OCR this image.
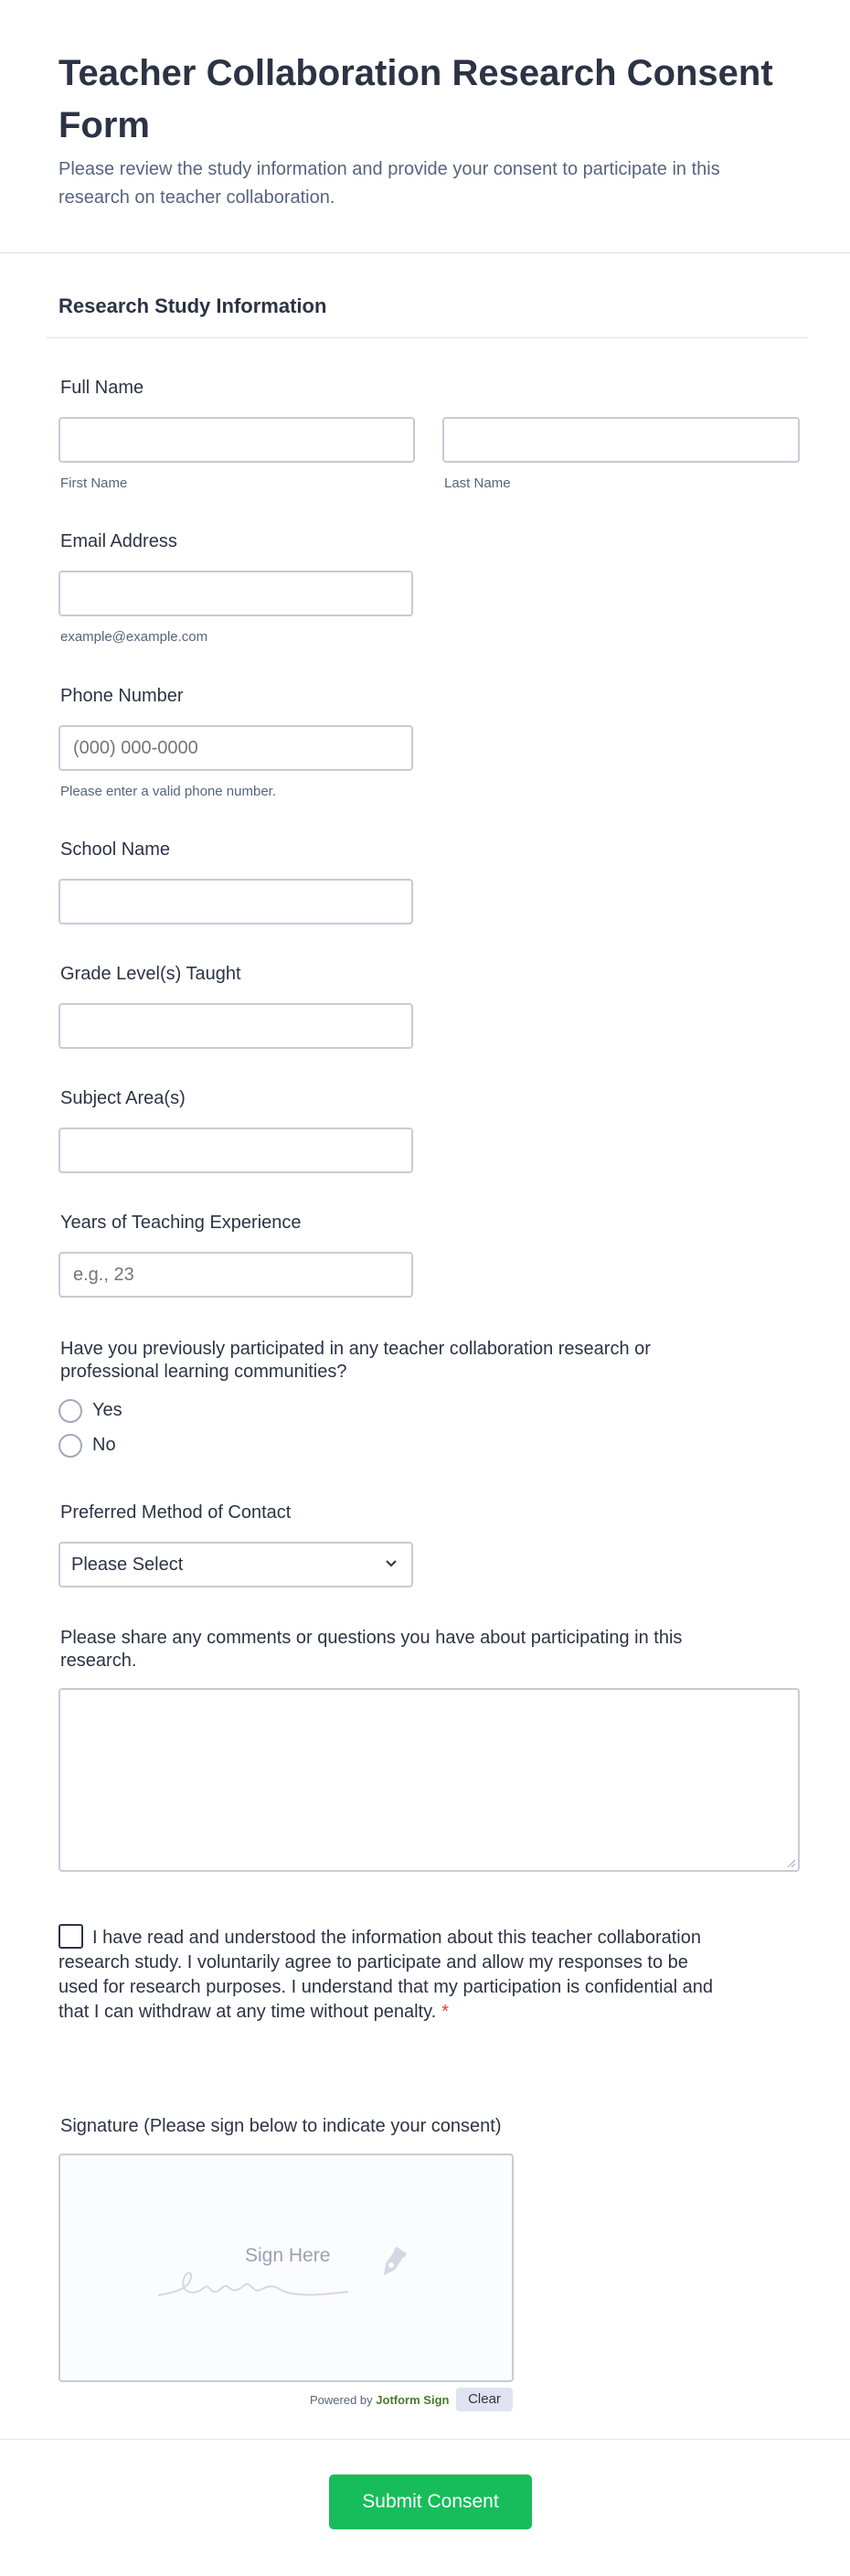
Teacher Collaboration Research Consent Form

Please review the study information and provide your consent to participate in this research on teacher collaboration.

Research Study Information
Full Name
First Name	Last Name
Email Address
example@example.com
Phone Number
(000) 000-0000
Please enter a valid phone number.
School Name
Grade Level(s) Taught
Subject Area(s)
Years of Teaching Experience
e.g., 23
Have you previously participated in any teacher collaboration research or professional learning communities?
Yes
No
Preferred Method of Contact
Please Select
Please share any comments or questions you have about participating in this research.
I have read and understood the information about this teacher collaboration research study. I voluntarily agree to participate and allow my responses to be used for research purposes. I understand that my participation is confidential and that I can withdraw at any time without penalty. *
Signature (Please sign below to indicate your consent)
Sign Here
Powered by Jotform Sign	Clear
Submit Consent
